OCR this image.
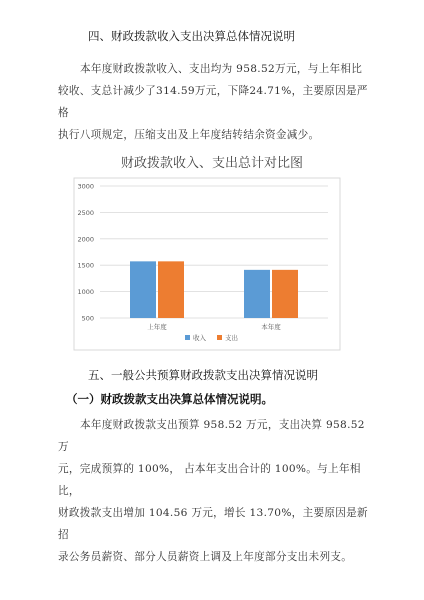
四、财政拨款收入支出决算总体情况说明
本年度财政拨款收入、支出均为 958.52万元，与上年相比
较收、支总计减少了314.59万元，下降24.71%，主要原因是严格
执行八项规定，压缩支出及上年度结转结余资金减少。
财政拨款收入、支出总计对比图
500
1000
1500
2000
2500
3000
上年度	本年度
收入	支出
五、一般公共预算财政拨款支出决算情况说明
（一）财政拨款支出决算总体情况说明。
本年度财政拨款支出预算 958.52 万元，支出决算 958.52 万
元，完成预算的 100%， 占本年支出合计的 100%。与上年相比，
财政拨款支出增加 104.56 万元，增长 13.70%，主要原因是新招
录公务员薪资、部分人员薪资上调及上年度部分支出未列支。
